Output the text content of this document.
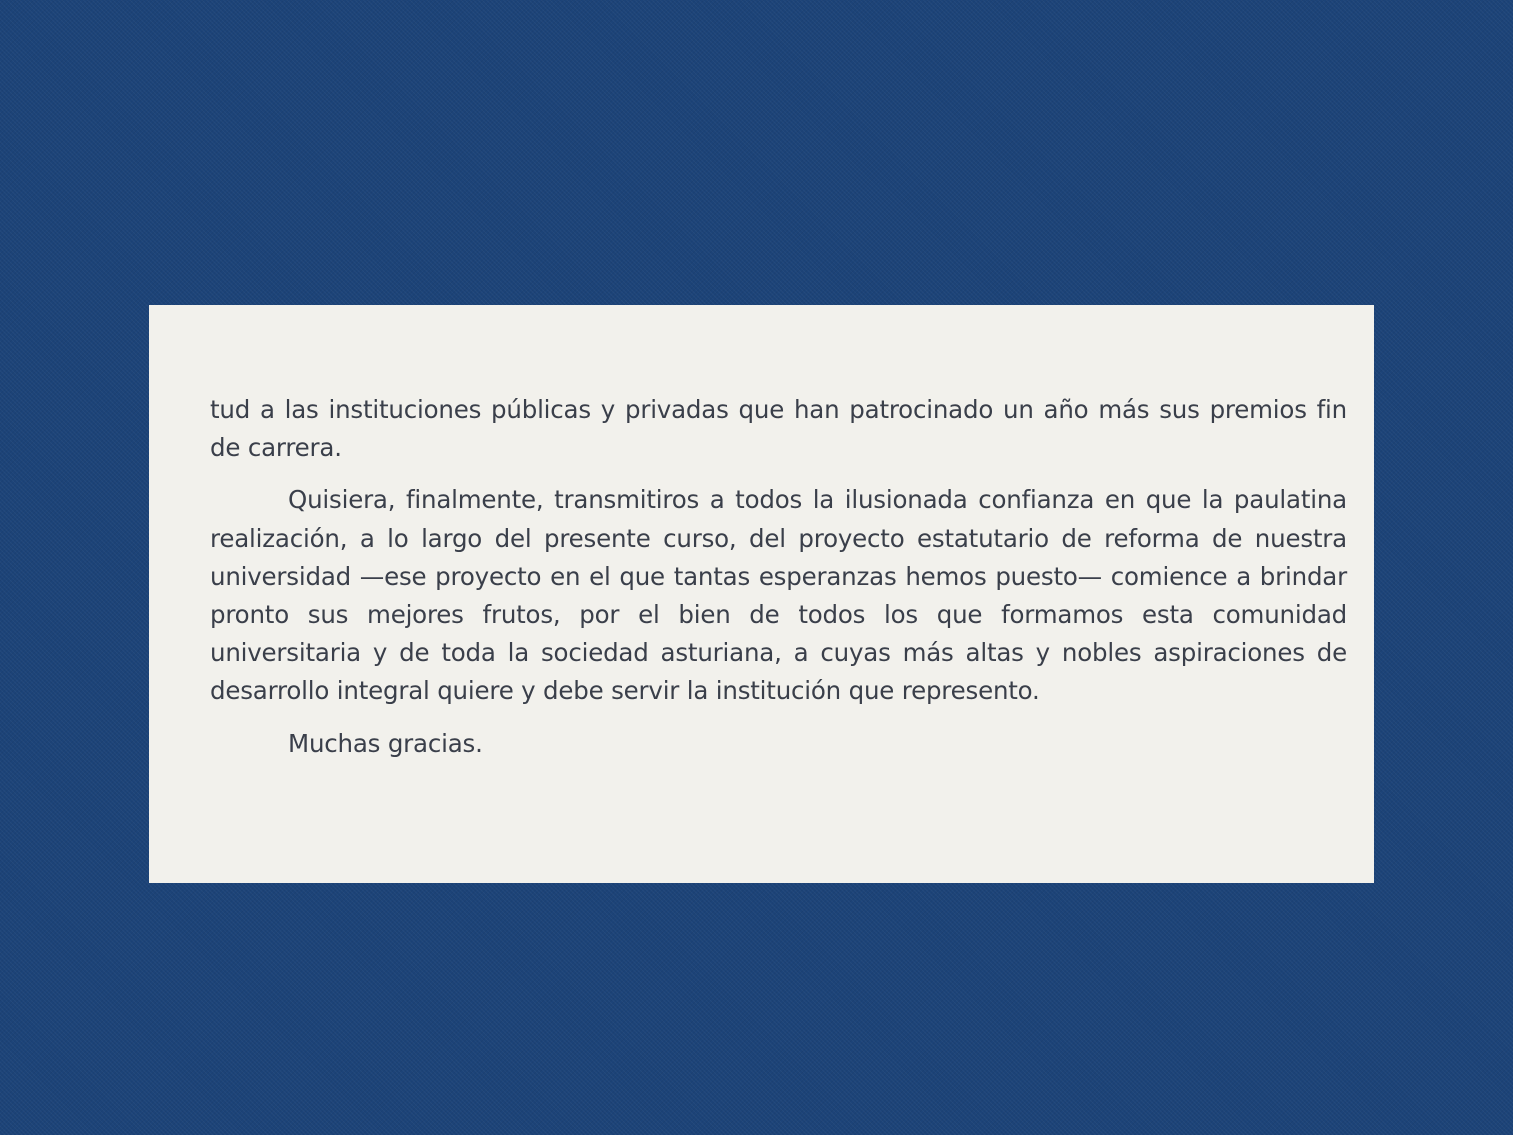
tud a las instituciones públicas y privadas que han patrocinado un año más sus premios fin de carrera.

Quisiera, finalmente, transmitiros a todos la ilusionada confianza en que la paulatina realización, a lo largo del presente curso, del proyecto estatutario de reforma de nuestra universidad —ese proyecto en el que tantas esperanzas hemos puesto— comience a brindar pronto sus mejores frutos, por el bien de todos los que formamos esta comunidad universitaria y de toda la sociedad asturiana, a cuyas más altas y nobles aspiraciones de desarrollo integral quiere y debe servir la institución que represento.

Muchas gracias.
